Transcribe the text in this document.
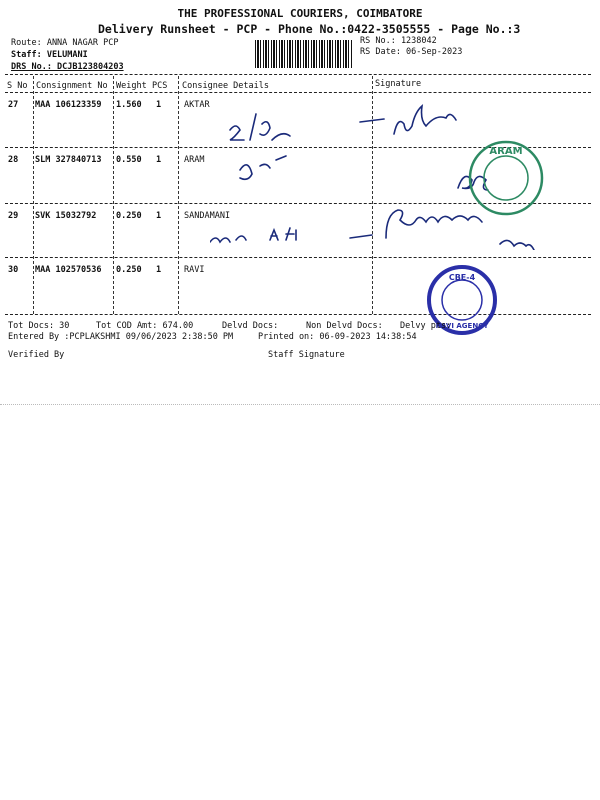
THE PROFESSIONAL COURIERS, COIMBATORE
Delivery Runsheet - PCP - Phone No.:0422-3505555 - Page No.:3
Route: ANNA NAGAR PCP
Staff: VELUMANI
DRS No.: DCJB123804203
RS No.: 1238042
RS Date: 06-Sep-2023
S No Consignment No Weight PCS Consignee Details	Signature
27 MAA 106123359 1.560 1	AKTAR
28 SLM 327840713 0.550 1	ARAM
29 SVK 15032792 0.250 1	SANDAMANI
30 MAA 102570536 0.250 1	RAVI
ARAM
CBE-4
RAVI AGENCY
Tot Docs: 30	Tot COD Amt: 674.00	Delvd Docs:	Non Delvd Docs: Delvy pts:
Entered By :PCPLAKSHMI 09/06/2023 2:38:50 PM	Printed on: 06-09-2023 14:38:54
Verified By	Staff Signature
